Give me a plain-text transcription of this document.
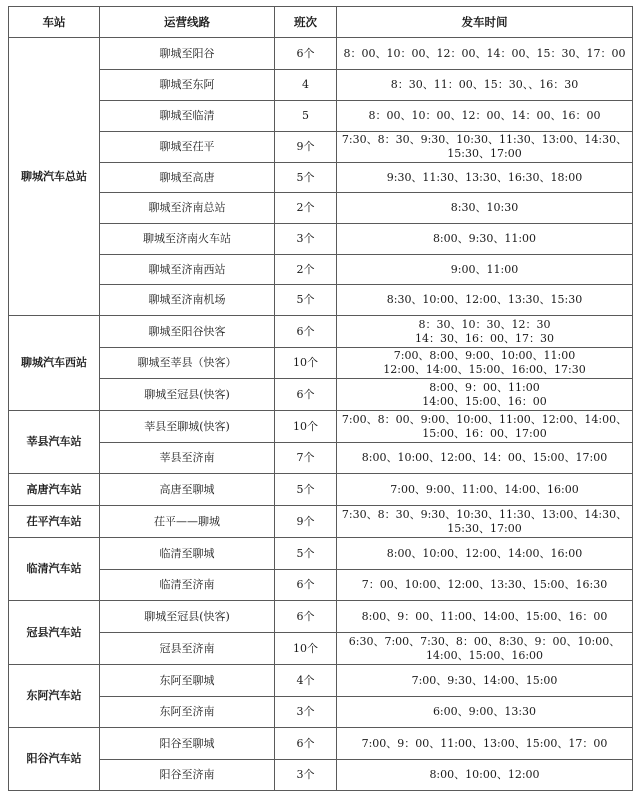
车站	运营线路	班次	发车时间
聊城汽车总站	聊城至阳谷	6个	8：00、10：00、12：00、14：00、15：30、17：00

	聊城至东阿	4	8：30、11：00、15：30、、16：30

	聊城至临清	5	8：00、10：00、12：00、14：00、16：00

	聊城至茌平	9个	7:30、8：30、9:30、10:30、11:30、13:00、14:30、
15:30、17:00

	聊城至高唐	5个	9:30、11:30、13:30、16:30、18:00

	聊城至济南总站	2个	8:30、10:30

	聊城至济南火车站	3个	8:00、9:30、11:00

	聊城至济南西站	2个	9:00、11:00

	聊城至济南机场	5个	8:30、10:00、12:00、13:30、15:30

聊城汽车西站	聊城至阳谷快客	6个	8：30、10：30、12：30
14：30、16：00、17：30

	聊城至莘县（快客）	10个	7:00、8:00、9:00、10:00、11:00
12:00、14:00、15:00、16:00、17:30

	聊城至冠县(快客)	6个	8:00、9：00、11:00
14:00、15:00、16：00

莘县汽车站	莘县至聊城(快客)	10个	7:00、8：00、9:00、10:00、11:00、12:00、14:00、
15:00、16：00、17:00

	莘县至济南	7个	8:00、10:00、12:00、14：00、15:00、17:00

高唐汽车站	高唐至聊城	5个	7:00、9:00、11:00、14:00、16:00

茌平汽车站	茌平——聊城	9个	7:30、8：30、9:30、10:30、11:30、13:00、14:30、
15:30、17:00

临清汽车站	临清至聊城	5个	8:00、10:00、12:00、14:00、16:00

	临清至济南	6个	7：00、10:00、12:00、13:30、15:00、16:30

冠县汽车站	聊城至冠县(快客)	6个	8:00、9：00、11:00、14:00、15:00、16：00

	冠县至济南	10个	6:30、7:00、7:30、8：00、8:30、9：00、10:00、
14:00、15:00、16:00

东阿汽车站	东阿至聊城	4个	7:00、9:30、14:00、15:00

	东阿至济南	3个	6:00、9:00、13:30

阳谷汽车站	阳谷至聊城	6个	7:00、9：00、11:00、13:00、15:00、17：00

	阳谷至济南	3个	8:00、10:00、12:00
